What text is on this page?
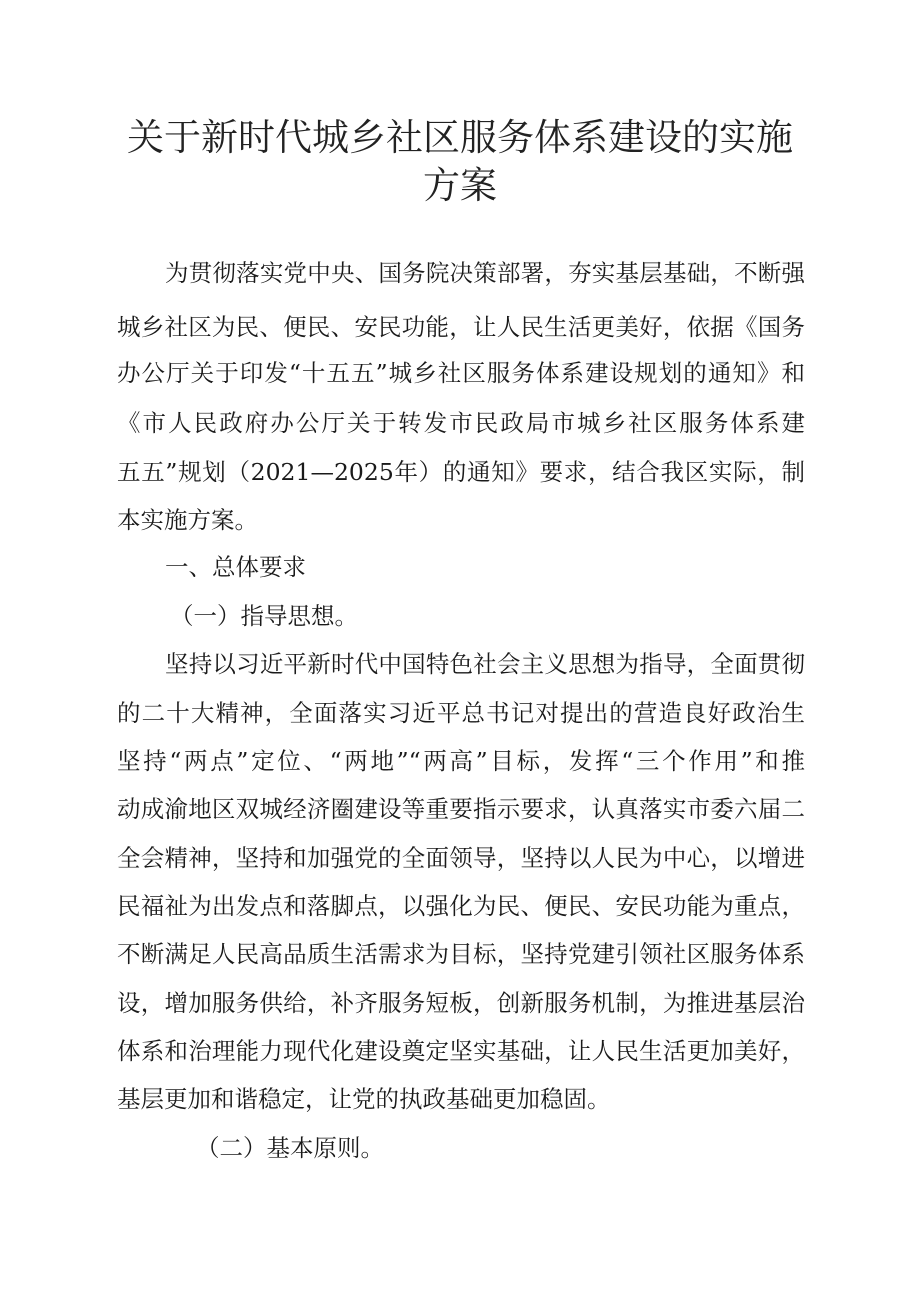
关于新时代城乡社区服务体系建设的实施
方案
为贯彻落实党中央、国务院决策部署，夯实基层基础，不断强
城乡社区为民、便民、安民功能，让人民生活更美好，依据《国务
办公厅关于印发“十五五”城乡社区服务体系建设规划的通知》和
《市人民政府办公厅关于转发市民政局市城乡社区服务体系建
五五”规划（2021—2025年）的通知》要求，结合我区实际，制
本实施方案。
一、总体要求
（一）指导思想。
坚持以习近平新时代中国特色社会主义思想为指导，全面贯彻
的二十大精神，全面落实习近平总书记对提出的营造良好政治生
坚持“两点”定位、“两地”“两高”目标，发挥“三个作用”和推
动成渝地区双城经济圈建设等重要指示要求，认真落实市委六届二
全会精神，坚持和加强党的全面领导，坚持以人民为中心，以增进
民福祉为出发点和落脚点，以强化为民、便民、安民功能为重点，
不断满足人民高品质生活需求为目标，坚持党建引领社区服务体系
设，增加服务供给，补齐服务短板，创新服务机制，为推进基层治
体系和治理能力现代化建设奠定坚实基础，让人民生活更加美好，
基层更加和谐稳定，让党的执政基础更加稳固。
（二）基本原则。
